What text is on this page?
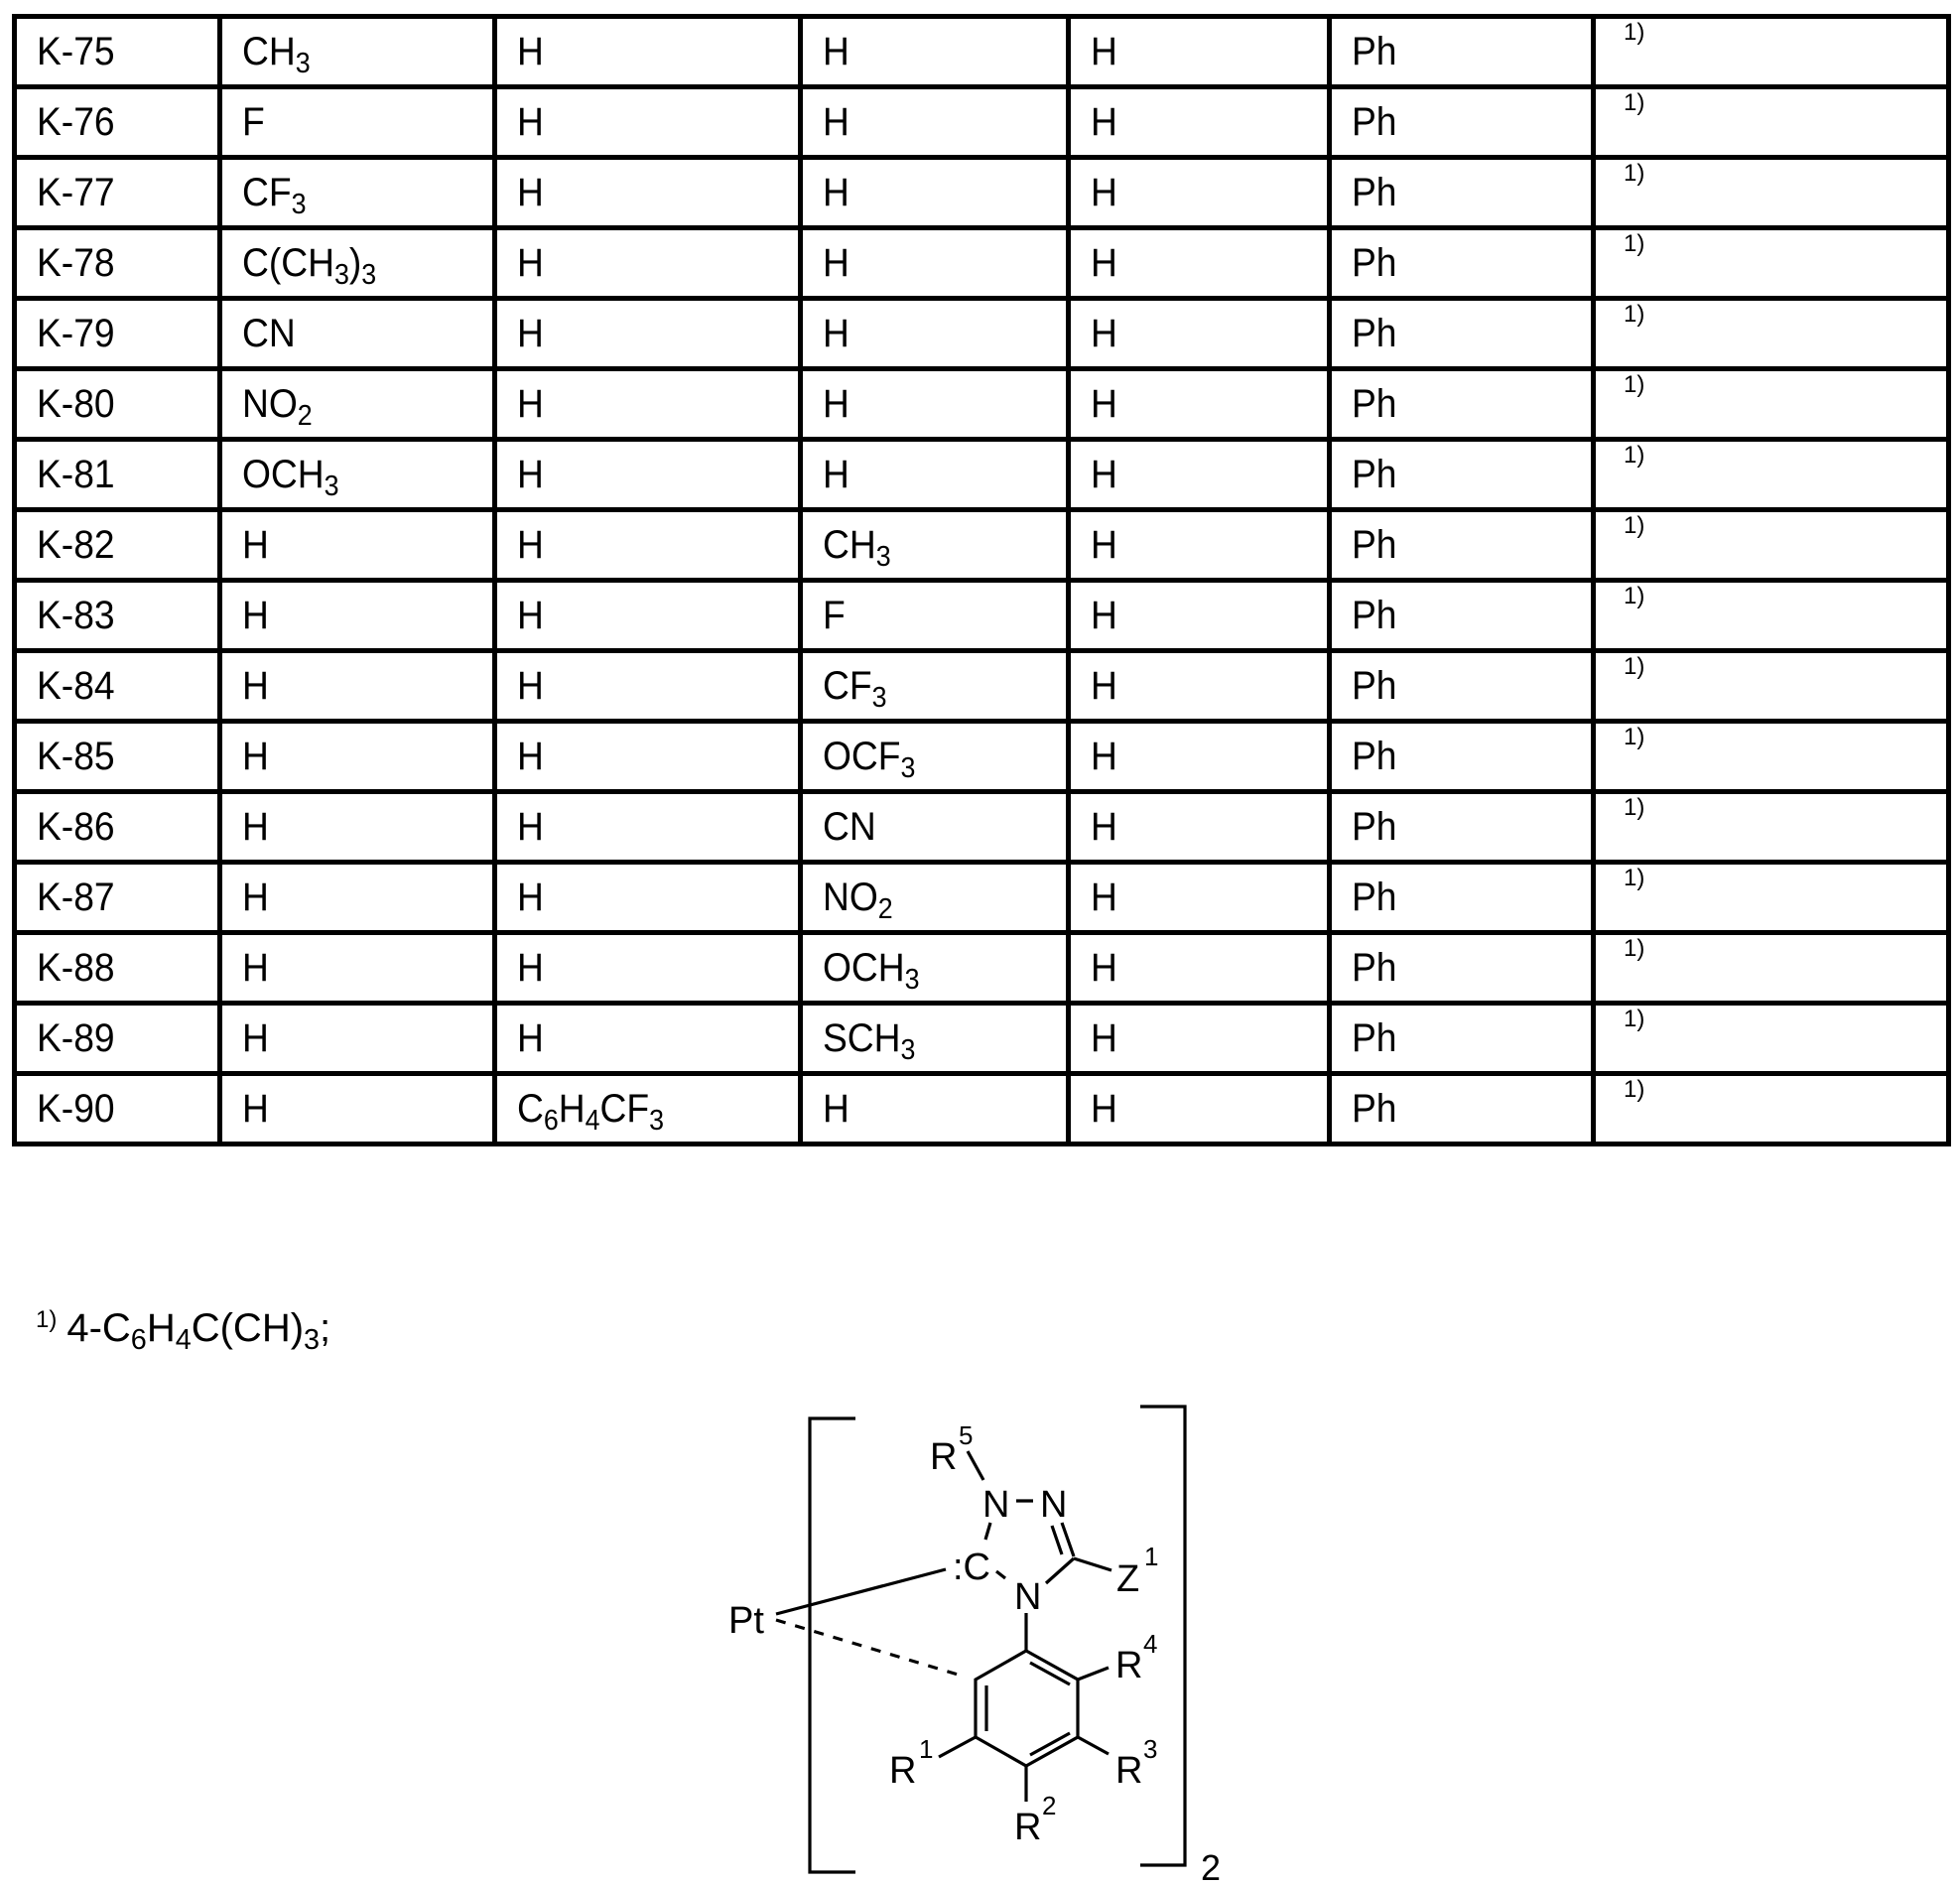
K-75	$CH_3$	H	H	H	Ph	1)
K-76	F	H	H	H	Ph	1)
K-77	$CF_3$	H	H	H	Ph	1)
K-78	$C(CH_3)_3$	H	H	H	Ph	1)
K-79	CN	H	H	H	Ph	1)
K-80	$NO_2$	H	H	H	Ph	1)
K-81	$OCH_3$	H	H	H	Ph	1)
K-82	H	H	$CH_3$	H	Ph	1)
K-83	H	H	F	H	Ph	1)
K-84	H	H	$CF_3$	H	Ph	1)
K-85	H	H	$OCF_3$	H	Ph	1)
K-86	H	H	CN	H	Ph	1)
K-87	H	H	$NO_2$	H	Ph	1)
K-88	H	H	$OCH_3$	H	Ph	1)
K-89	H	H	$SCH_3$	H	Ph	1)
K-90	H	$C_6H_4CF_3$	H	H	Ph	1)
$^{1)}$ $4-C_6H_4C(CH)_3$;
Pt
:C
N N
N
R
5
Z
1
R
4
R
3
R
1
R
2
2
